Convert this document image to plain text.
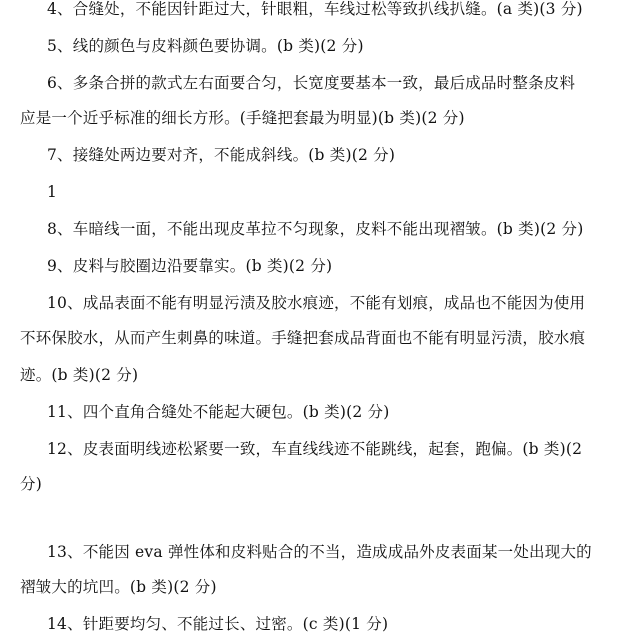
4、合缝处，不能因针距过大，针眼粗，车线过松等致扒线扒缝。(a 类)(3 分)
5、线的颜色与皮料颜色要协调。(b 类)(2 分)
6、多条合拼的款式左右面要合匀，长宽度要基本一致，最后成品时整条皮料
应是一个近乎标准的细长方形。(手缝把套最为明显)(b 类)(2 分)
7、接缝处两边要对齐，不能成斜线。(b 类)(2 分)
1
8、车暗线一面，不能出现皮革拉不匀现象，皮料不能出现褶皱。(b 类)(2 分)
9、皮料与胶圈边沿要靠实。(b 类)(2 分)
10、成品表面不能有明显污渍及胶水痕迹，不能有划痕，成品也不能因为使用
不环保胶水，从而产生刺鼻的味道。手缝把套成品背面也不能有明显污渍，胶水痕
迹。(b 类)(2 分)
11、四个直角合缝处不能起大硬包。(b 类)(2 分)
12、皮表面明线迹松紧要一致，车直线线迹不能跳线，起套，跑偏。(b 类)(2
分)
13、不能因 eva 弹性体和皮料贴合的不当，造成成品外皮表面某一处出现大的
褶皱大的坑凹。(b 类)(2 分)
14、针距要均匀、不能过长、过密。(c 类)(1 分)
